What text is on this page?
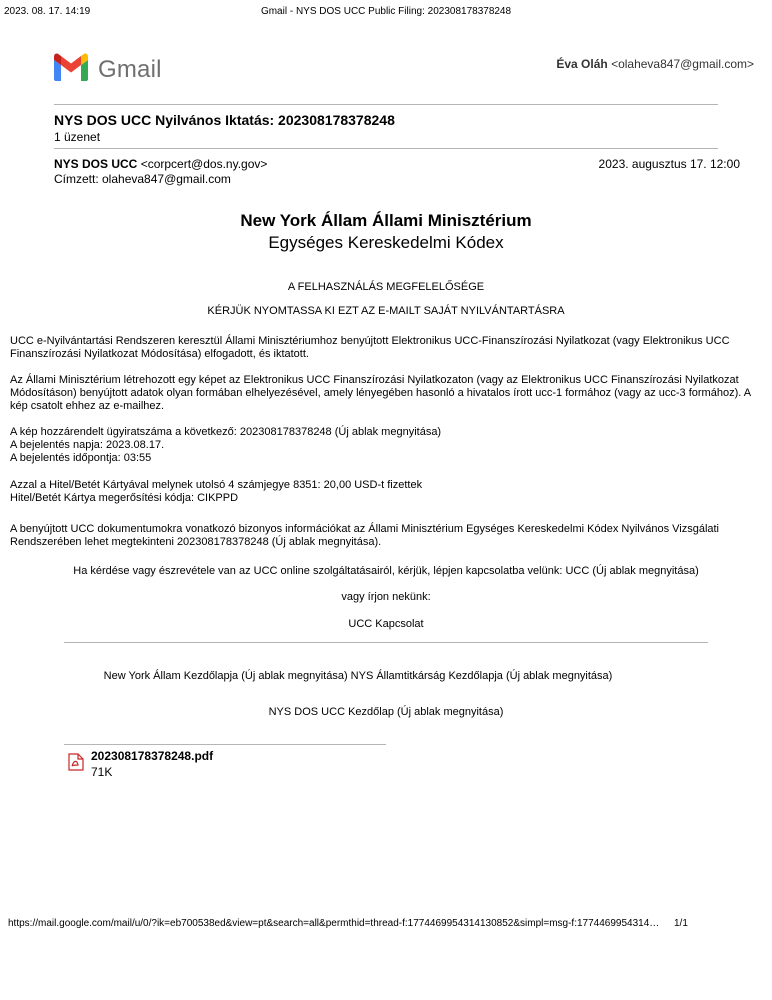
2023. 08. 17. 14:19	Gmail - NYS DOS UCC Public Filing: 202308178378248
Gmail	Éva Oláh <olaheva847@gmail.com>
NYS DOS UCC Nyilvános Iktatás: 202308178378248
1 üzenet
NYS DOS UCC <corpcert@dos.ny.gov>
Címzett: olaheva847@gmail.com
2023. augusztus 17. 12:00
New York Állam Állami Minisztérium
Egységes Kereskedelmi Kódex
A FELHASZNÁLÁS MEGFELELŐSÉGE
KÉRJÜK NYOMTASSA KI EZT AZ E-MAILT SAJÁT NYILVÁNTARTÁSRA

UCC e-Nyilvántartási Rendszeren keresztül Állami Minisztériumhoz benyújtott Elektronikus UCC-Finanszírozási Nyilatkozat (vagy Elektronikus UCC Finanszírozási Nyilatkozat Módosítása) elfogadott, és iktatott.

Az Állami Minisztérium létrehozott egy képet az Elektronikus UCC Finanszírozási Nyilatkozaton (vagy az Elektronikus UCC Finanszírozási Nyilatkozat Módosításon) benyújtott adatok olyan formában elhelyezésével, amely lényegében hasonló a hivatalos írott ucc-1 formához (vagy az ucc-3 formához). A kép csatolt ehhez az e-mailhez.

A kép hozzárendelt ügyiratszáma a következő: 202308178378248 (Új ablak megnyitása)

A bejelentés napja: 2023.08.17.

A bejelentés időpontja: 03:55

Azzal a Hitel/Betét Kártyával melynek utolsó 4 számjegye 8351: 20,00 USD-t fizettek

Hitel/Betét Kártya megerősítési kódja: CIKPPD

A benyújtott UCC dokumentumokra vonatkozó bizonyos információkat az Állami Minisztérium Egységes Kereskedelmi Kódex Nyilvános Vizsgálati Rendszerében lehet megtekinteni 202308178378248 (Új ablak megnyitása).

Ha kérdése vagy észrevétele van az UCC online szolgáltatásairól, kérjük, lépjen kapcsolatba velünk: UCC (Új ablak megnyitása)
vagy írjon nekünk:
UCC Kapcsolat
New York Állam Kezdőlapja (Új ablak megnyitása) NYS Államtitkárság Kezdőlapja (Új ablak megnyitása)
NYS DOS UCC Kezdőlap (Új ablak megnyitása)
202308178378248.pdf
71K
https://mail.google.com/mail/u/0/?ik=eb700538ed&view=pt&search=all&permthid=thread-f:1774469954314130852&simpl=msg-f:1774469954314… 1/1
